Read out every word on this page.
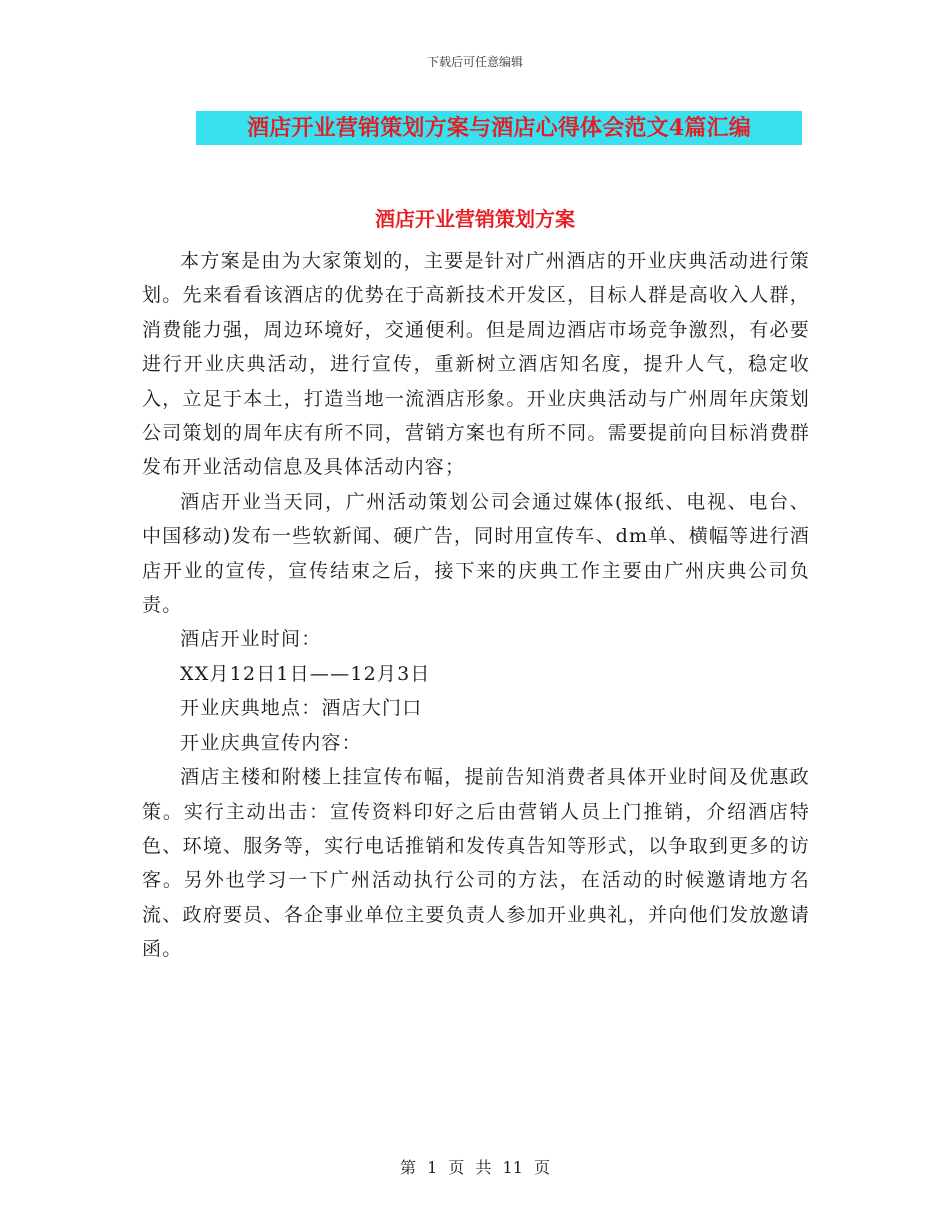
下载后可任意编辑
酒店开业营销策划方案与酒店心得体会范文4篇汇编
酒店开业营销策划方案

本方案是由为大家策划的，主要是针对广州酒店的开业庆典活动进行策划。先来看看该酒店的优势在于高新技术开发区，目标人群是高收入人群，消费能力强，周边环境好，交通便利。但是周边酒店市场竞争激烈，有必要进行开业庆典活动，进行宣传，重新树立酒店知名度，提升人气，稳定收入，立足于本土，打造当地一流酒店形象。开业庆典活动与广州周年庆策划公司策划的周年庆有所不同，营销方案也有所不同。需要提前向目标消费群发布开业活动信息及具体活动内容；

酒店开业当天同，广州活动策划公司会通过媒体(报纸、电视、电台、中国移动)发布一些软新闻、硬广告，同时用宣传车、dm单、横幅等进行酒店开业的宣传，宣传结束之后，接下来的庆典工作主要由广州庆典公司负责。

酒店开业时间：

XX月12日1日——12月3日

开业庆典地点：酒店大门口

开业庆典宣传内容：

酒店主楼和附楼上挂宣传布幅，提前告知消费者具体开业时间及优惠政策。实行主动出击：宣传资料印好之后由营销人员上门推销，介绍酒店特色、环境、服务等，实行电话推销和发传真告知等形式，以争取到更多的访客。另外也学习一下广州活动执行公司的方法，在活动的时候邀请地方名流、政府要员、各企事业单位主要负责人参加开业典礼，并向他们发放邀请函。

第 1 页 共 11 页
